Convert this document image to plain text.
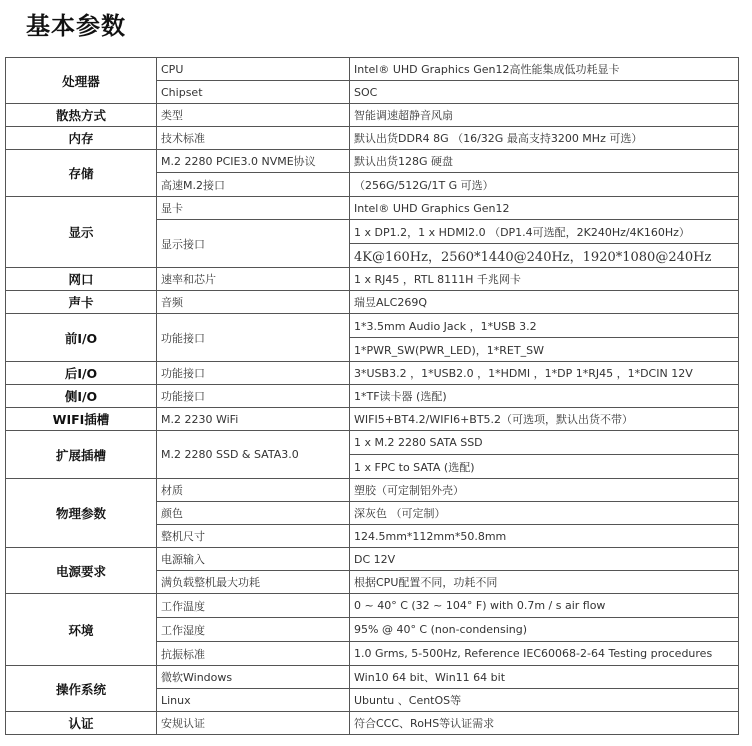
基本参数
处理器	CPU	Intel® UHD Graphics Gen12高性能集成低功耗显卡
	Chipset	SOC
散热方式	类型	智能调速超静音风扇
内存	技术标准	默认出货DDR4 8G （16/32G 最高支持3200 MHz 可选）
存储	M.2 2280 PCIE3.0 NVME协议	默认出货128G 硬盘
	高速M.2接口	（256G/512G/1T G 可选）
显示	显卡	Intel® UHD Graphics Gen12
	显示接口	1 x DP1.2，1 x HDMI2.0 （DP1.4可选配，2K240Hz/4K160Hz）
		4K@160Hz，2560*1440@240Hz，1920*1080@240Hz
网口	速率和芯片	1 x RJ45 ，RTL 8111H 千兆网卡
声卡	音频	瑞昱ALC269Q
前I/O	功能接口	1*3.5mm Audio Jack ，1*USB 3.2
		1*PWR_SW(PWR_LED)，1*RET_SW
后I/O	功能接口	3*USB3.2 ，1*USB2.0 ，1*HDMI ，1*DP 1*RJ45 ，1*DCIN 12V
侧I/O	功能接口	1*TF读卡器 (选配)
WIFI插槽	M.2 2230 WiFi	WIFI5+BT4.2/WIFI6+BT5.2（可选项，默认出货不带）
扩展插槽	M.2 2280 SSD & SATA3.0	1 x M.2 2280 SATA SSD
		1 x FPC to SATA (选配)
物理参数	材质	塑胶（可定制铝外壳）
	颜色	深灰色 （可定制）
	整机尺寸	124.5mm*112mm*50.8mm
电源要求	电源输入	DC 12V
	满负载整机最大功耗	根据CPU配置不同，功耗不同
环境	工作温度	0 ~ 40° C (32 ~ 104° F) with 0.7m / s air flow
	工作湿度	95% @ 40° C (non-condensing)
	抗振标准	1.0 Grms, 5-500Hz, Reference IEC60068-2-64 Testing procedures
操作系统	微软Windows	Win10 64 bit、Win11 64 bit
	Linux	Ubuntu 、CentOS等
认证	安规认证	符合CCC、RoHS等认证需求
